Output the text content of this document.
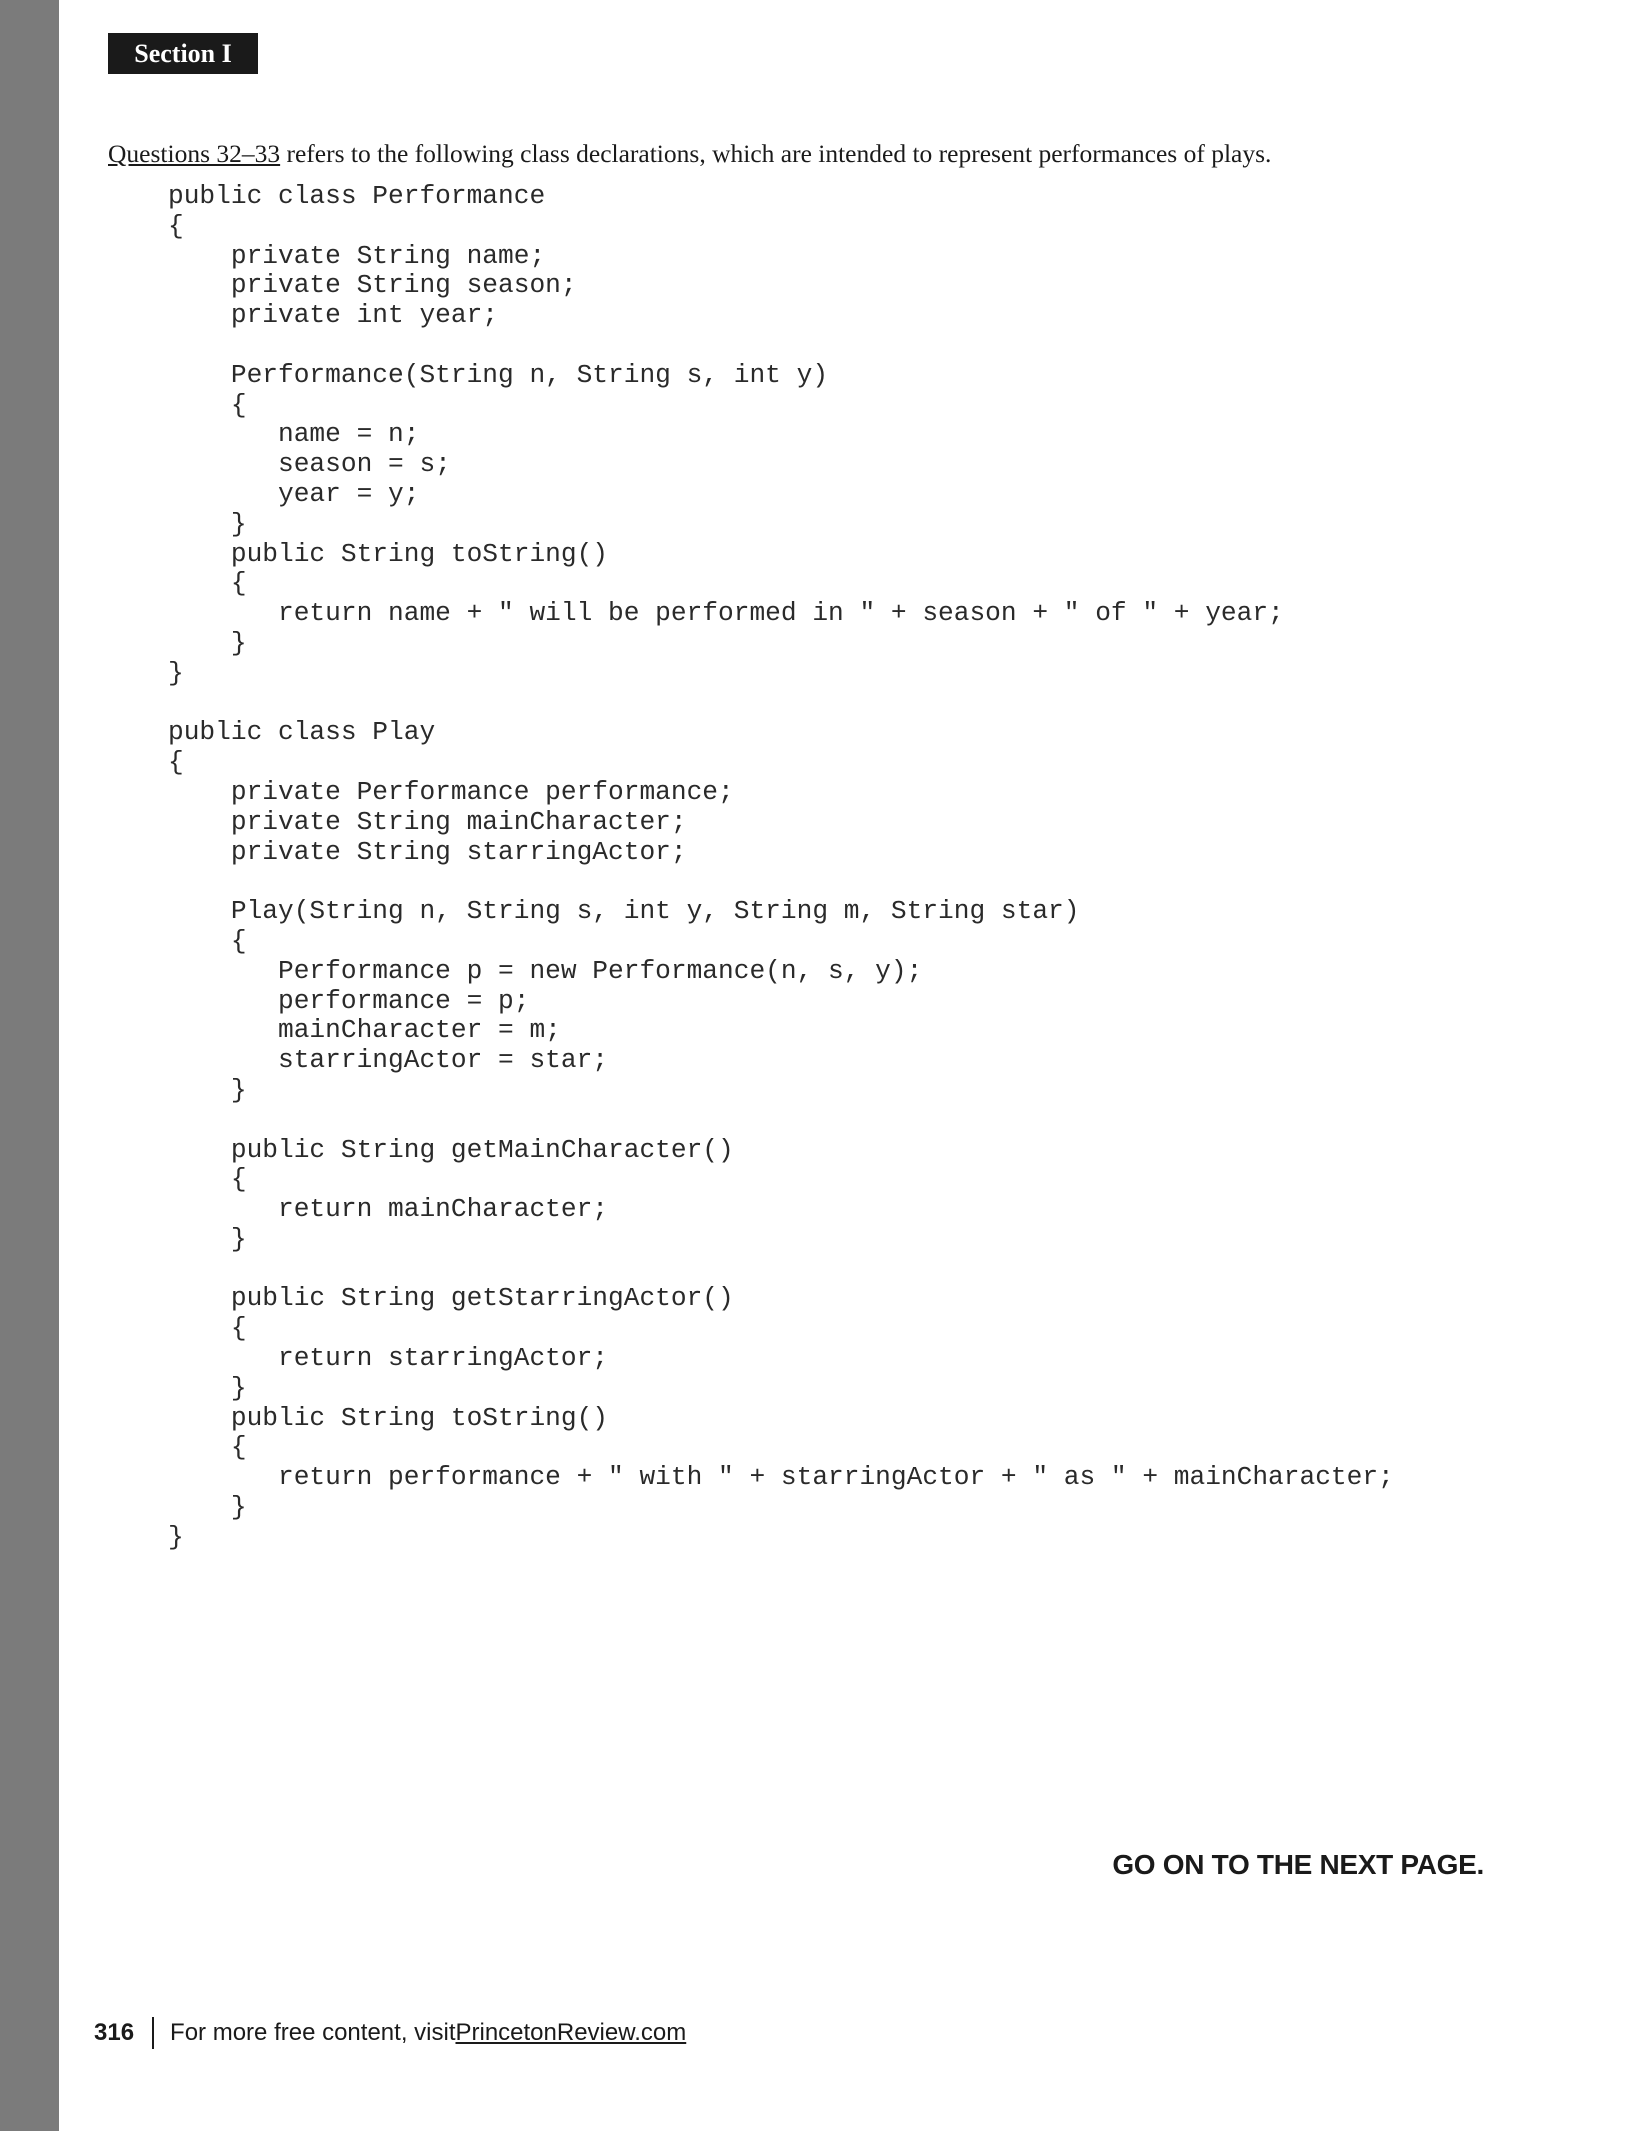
Section I
Questions 32–33 refers to the following class declarations, which are intended to represent performances of plays.
public class Performance
{
private String name;
private String season;
private int year;

Performance(String n, String s, int y)
{
name = n;
season = s;
year = y;
}
public String toString()
{
return name + " will be performed in " + season + " of " + year;
}
}

public class Play
{
private Performance performance;
private String mainCharacter;
private String starringActor;

Play(String n, String s, int y, String m, String star)
{
Performance p = new Performance(n, s, y);
performance = p;
mainCharacter = m;
starringActor = star;
}

public String getMainCharacter()
{
return mainCharacter;
}

public String getStarringActor()
{
return starringActor;
}
public String toString()
{
return performance + " with " + starringActor + " as " + mainCharacter;
}
}
GO ON TO THE NEXT PAGE.
316 For more free content, visit PrincetonReview.com
